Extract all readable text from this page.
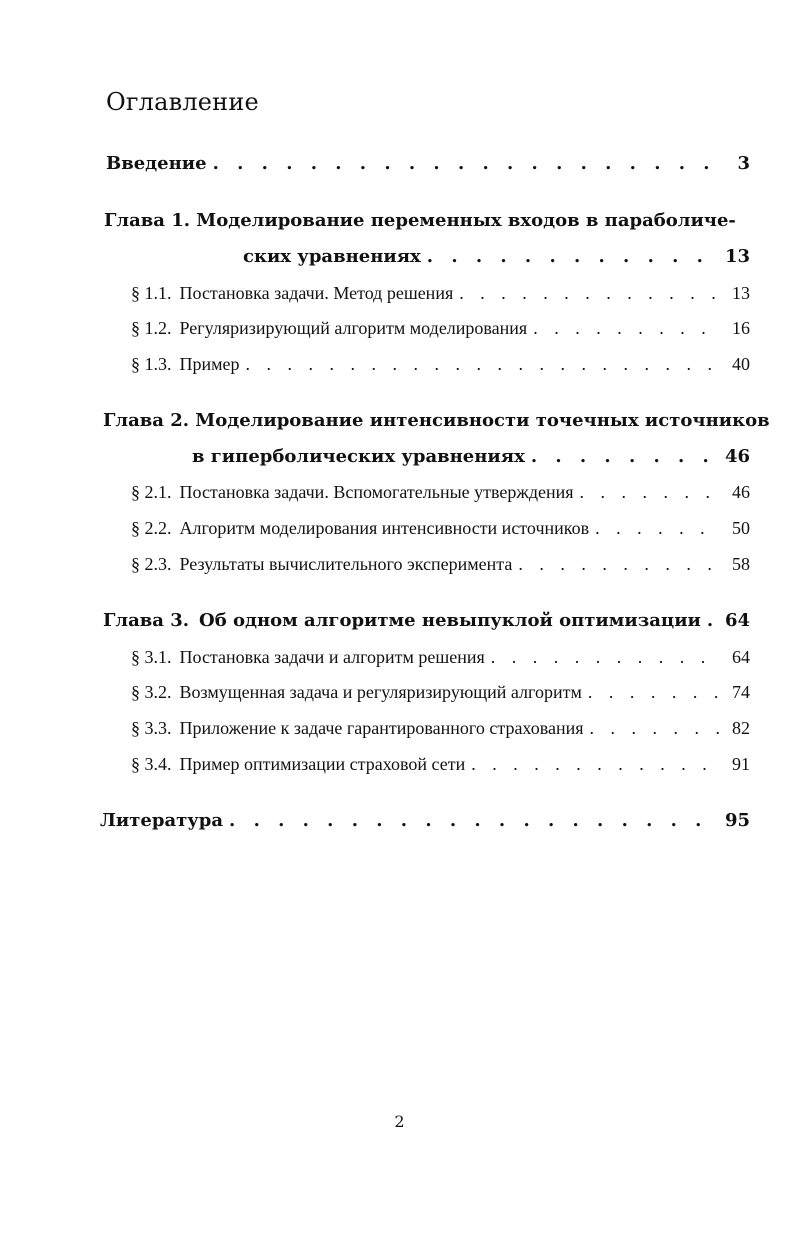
Оглавление
Введение . . .	3
Глава 1. Моделирование переменных входов в параболиче-
ских уравнениях . . .	13
§ 1.1. Постановка задачи. Метод решения . . .	13
§ 1.2. Регуляризирующий алгоритм моделирования . . .	16
§ 1.3. Пример . . .	40
Глава 2. Моделирование интенсивности точечных источников
в гиперболических уравнениях . . .	46
§ 2.1. Постановка задачи. Вспомогательные утверждения . . .	46
§ 2.2. Алгоритм моделирования интенсивности источников . . .	50
§ 2.3. Результаты вычислительного эксперимента . . .	58
Глава 3. Об одном алгоритме невыпуклой оптимизации . . . 64
§ 3.1. Постановка задачи и алгоритм решения . . .	64
§ 3.2. Возмущенная задача и регуляризирующий алгоритм . . .	74
§ 3.3. Приложение к задаче гарантированного страхования . . .	82
§ 3.4. Пример оптимизации страховой сети . . .	91
Литература . . .	95
2
